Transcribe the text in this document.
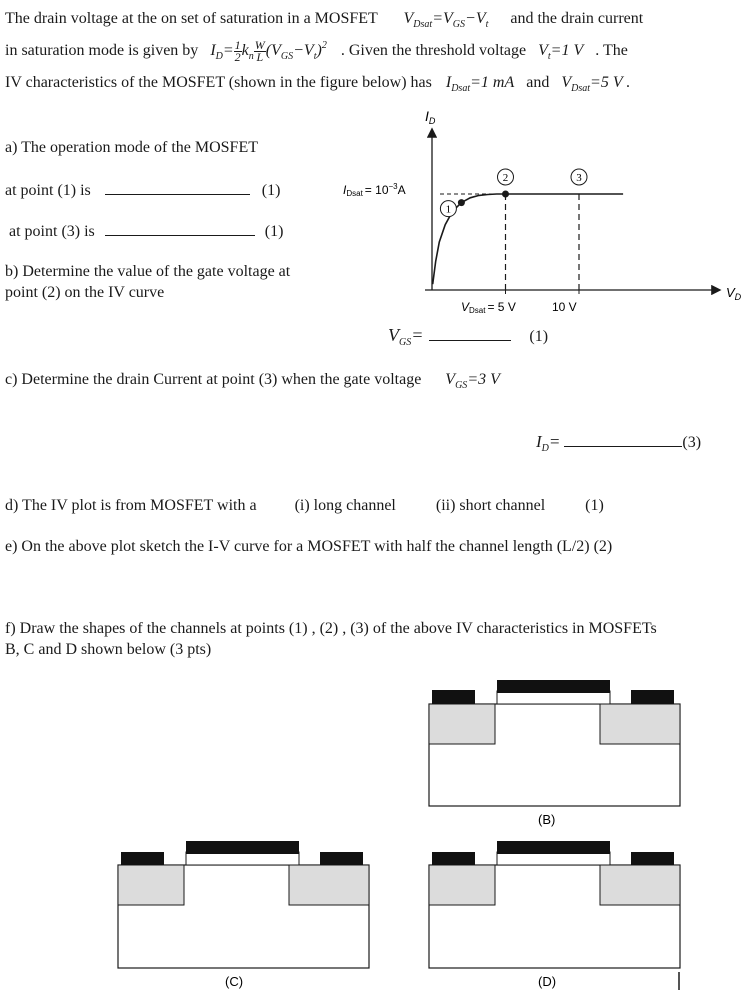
The drain voltage at the on set of saturation in a MOSFET $V_{Dsat}=V_{GS}-V_t$ and the drain current
in saturation mode is given by $I_D= \frac{1}{2} k_n \frac{W}{L} (V_{GS}-V_t)^2$ . Given the threshold voltage $V_t=1$ V . The
IV characteristics of the MOSFET (shown in the figure below) has $I_{Dsat}=1$ mA and $V_{Dsat}=5$ V .
a) The operation mode of the MOSFET
at point (1) is	(1)
at point (3) is	(1)
b) Determine the value of the gate voltage at
point (2) on the IV curve
$V_{GS}=$	(1)
$I_D$
$V_D$
IDsat = $10^{-3}A$
1
2	3
VDsat = 5 V	10 V
c) Determine the drain Current at point (3) when the gate voltage $V_{GS}=3$ V
$I_D=$	(3)
d) The IV plot is from MOSFET with a (i) long channel	(ii) short channel	(1)
e) On the above plot sketch the I-V curve for a MOSFET with half the channel length (L/2) (2)
f) Draw the shapes of the channels at points (1) , (2) , (3) of the above IV characteristics in MOSFETs
B, C and D shown below (3 pts)
(B)
(C)	(D)
